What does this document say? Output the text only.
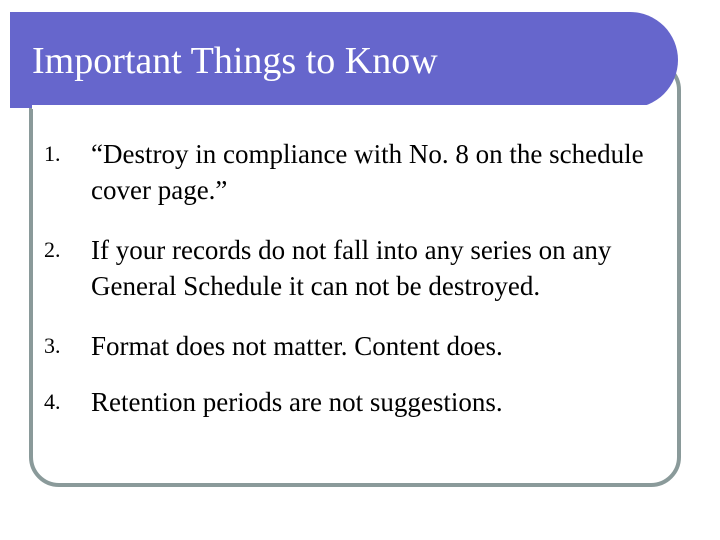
Important Things to Know
1. “Destroy in compliance with No. 8 on the schedule cover page.”
2. If your records do not fall into any series on any General Schedule it can not be destroyed.
3. Format does not matter. Content does.
4. Retention periods are not suggestions.
